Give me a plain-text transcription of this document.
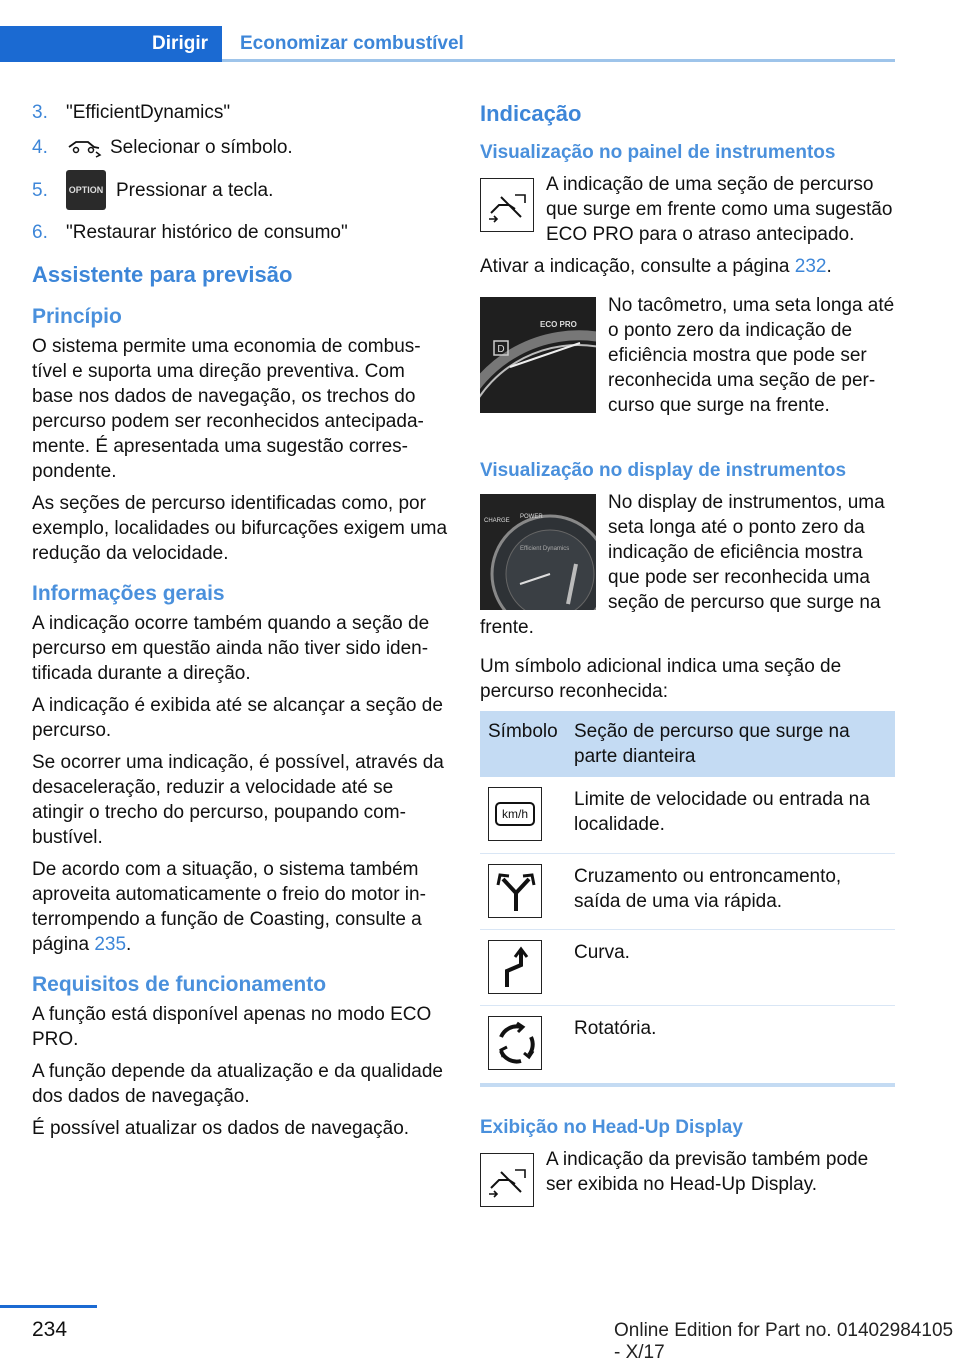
Dirigir	Economizar combustível
3. "EfficientDynamics"
4.	Selecionar o símbolo.
5.	OPTION Pressionar a tecla.
6. "Restaurar histórico de consumo"
Assistente para previsão
Princípio

O sistema permite uma economia de combustível e suporta uma direção preventiva. Com base nos dados de navegação, os trechos do percurso podem ser reconhecidos antecipadamente. É apresentada uma sugestão correspondente.

As seções de percurso identificadas como, por exemplo, localidades ou bifurcações exigem uma redução da velocidade.

Informações gerais

A indicação ocorre também quando a seção de percurso em questão ainda não tiver sido identificada durante a direção.

A indicação é exibida até se alcançar a seção de percurso.

Se ocorrer uma indicação, é possível, através da desaceleração, reduzir a velocidade até se atingir o trecho do percurso, poupando combustível.

De acordo com a situação, o sistema também aproveita automaticamente o freio do motor interrompendo a função de Coasting, consulte a página 235.

Requisitos de funcionamento

A função está disponível apenas no modo ECO PRO.

A função depende da atualização e da qualidade dos dados de navegação.

É possível atualizar os dados de navegação.

Indicação
Visualização no painel de instrumentos

A indicação de uma seção de percurso que surge em frente como uma sugestão ECO PRO para o atraso antecipado.

Ativar a indicação, consulte a página 232.

D
ECO PRO

No tacômetro, uma seta longa até o ponto zero da indicação de eficiência mostra que pode ser reconhecida uma seção de percurso que surge na frente.

Visualização no display de instrumentos
CHARGE
POWER
Efficient Dynamics

No display de instrumentos, uma seta longa até o ponto zero da indicação de eficiência mostra que pode ser reconhecida uma seção de percurso que surge na frente.

Um símbolo adicional indica uma seção de percurso reconhecida:

Símbolo	Seção de percurso que surge na parte dianteira

km/h	Limite de velocidade ou entrada na localidade.

	Cruzamento ou entroncamento, saída de uma via rápida.

	Curva.

	Rotatória.
Exibição no Head-Up Display

A indicação da previsão também pode ser exibida no Head-Up Display.

234	Online Edition for Part no. 01402984105 - X/17
